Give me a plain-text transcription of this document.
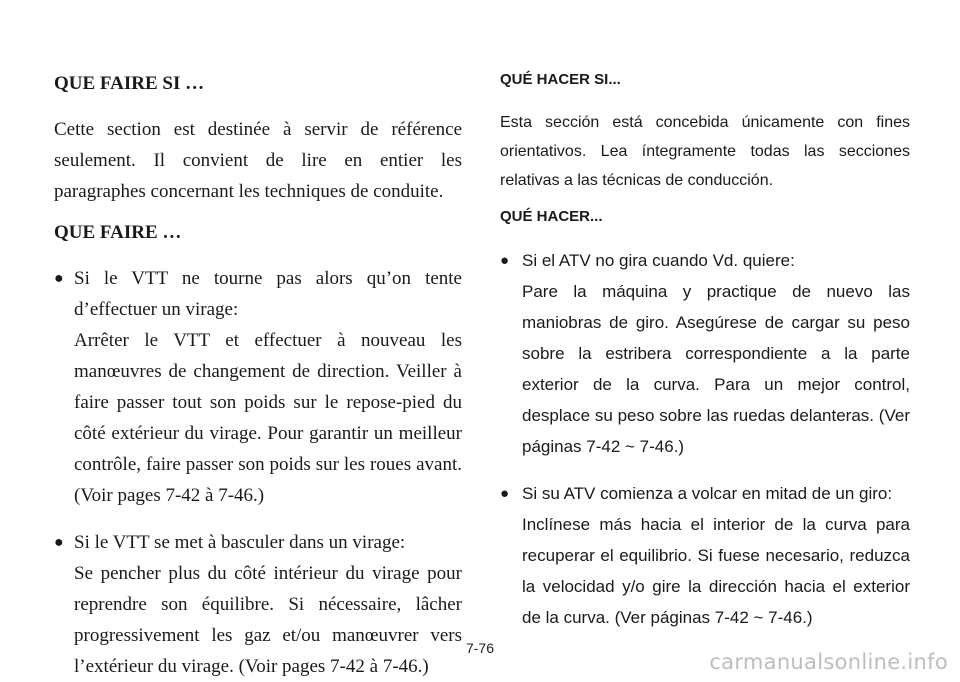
QUE FAIRE SI …

Cette section est destinée à servir de référence seulement. Il convient de lire en entier les paragraphes concernant les techniques de conduite.

QUE FAIRE …
● Si le VTT ne tourne pas alors qu’on tente d’effectuer un virage:
Arrêter le VTT et effectuer à nouveau les manœuvres de changement de direction. Veiller à faire passer tout son poids sur le repose-pied du côté extérieur du virage. Pour garantir un meilleur contrôle, faire passer son poids sur les roues avant. (Voir pages 7-42 à 7-46.)
● Si le VTT se met à basculer dans un virage:
Se pencher plus du côté intérieur du virage pour reprendre son équilibre. Si nécessaire, lâcher progressivement les gaz et/ou manœuvrer vers l’extérieur du virage. (Voir pages 7-42 à 7-46.)
QUÉ HACER SI...

Esta sección está concebida únicamente con fines orientativos. Lea íntegramente todas las secciones relativas a las técnicas de conducción.

QUÉ HACER...
● Si el ATV no gira cuando Vd. quiere:
Pare la máquina y practique de nuevo las maniobras de giro. Asegúrese de cargar su peso sobre la estribera correspondiente a la parte exterior de la curva. Para un mejor control, desplace su peso sobre las ruedas delanteras. (Ver páginas 7-42 ~ 7-46.)
● Si su ATV comienza a volcar en mitad de un giro:
Inclínese más hacia el interior de la curva para recuperar el equilibrio. Si fuese necesario, reduzca la velocidad y/o gire la dirección hacia el exterior de la curva. (Ver páginas 7-42 ~ 7-46.)
7-76
carmanualsonline.info
